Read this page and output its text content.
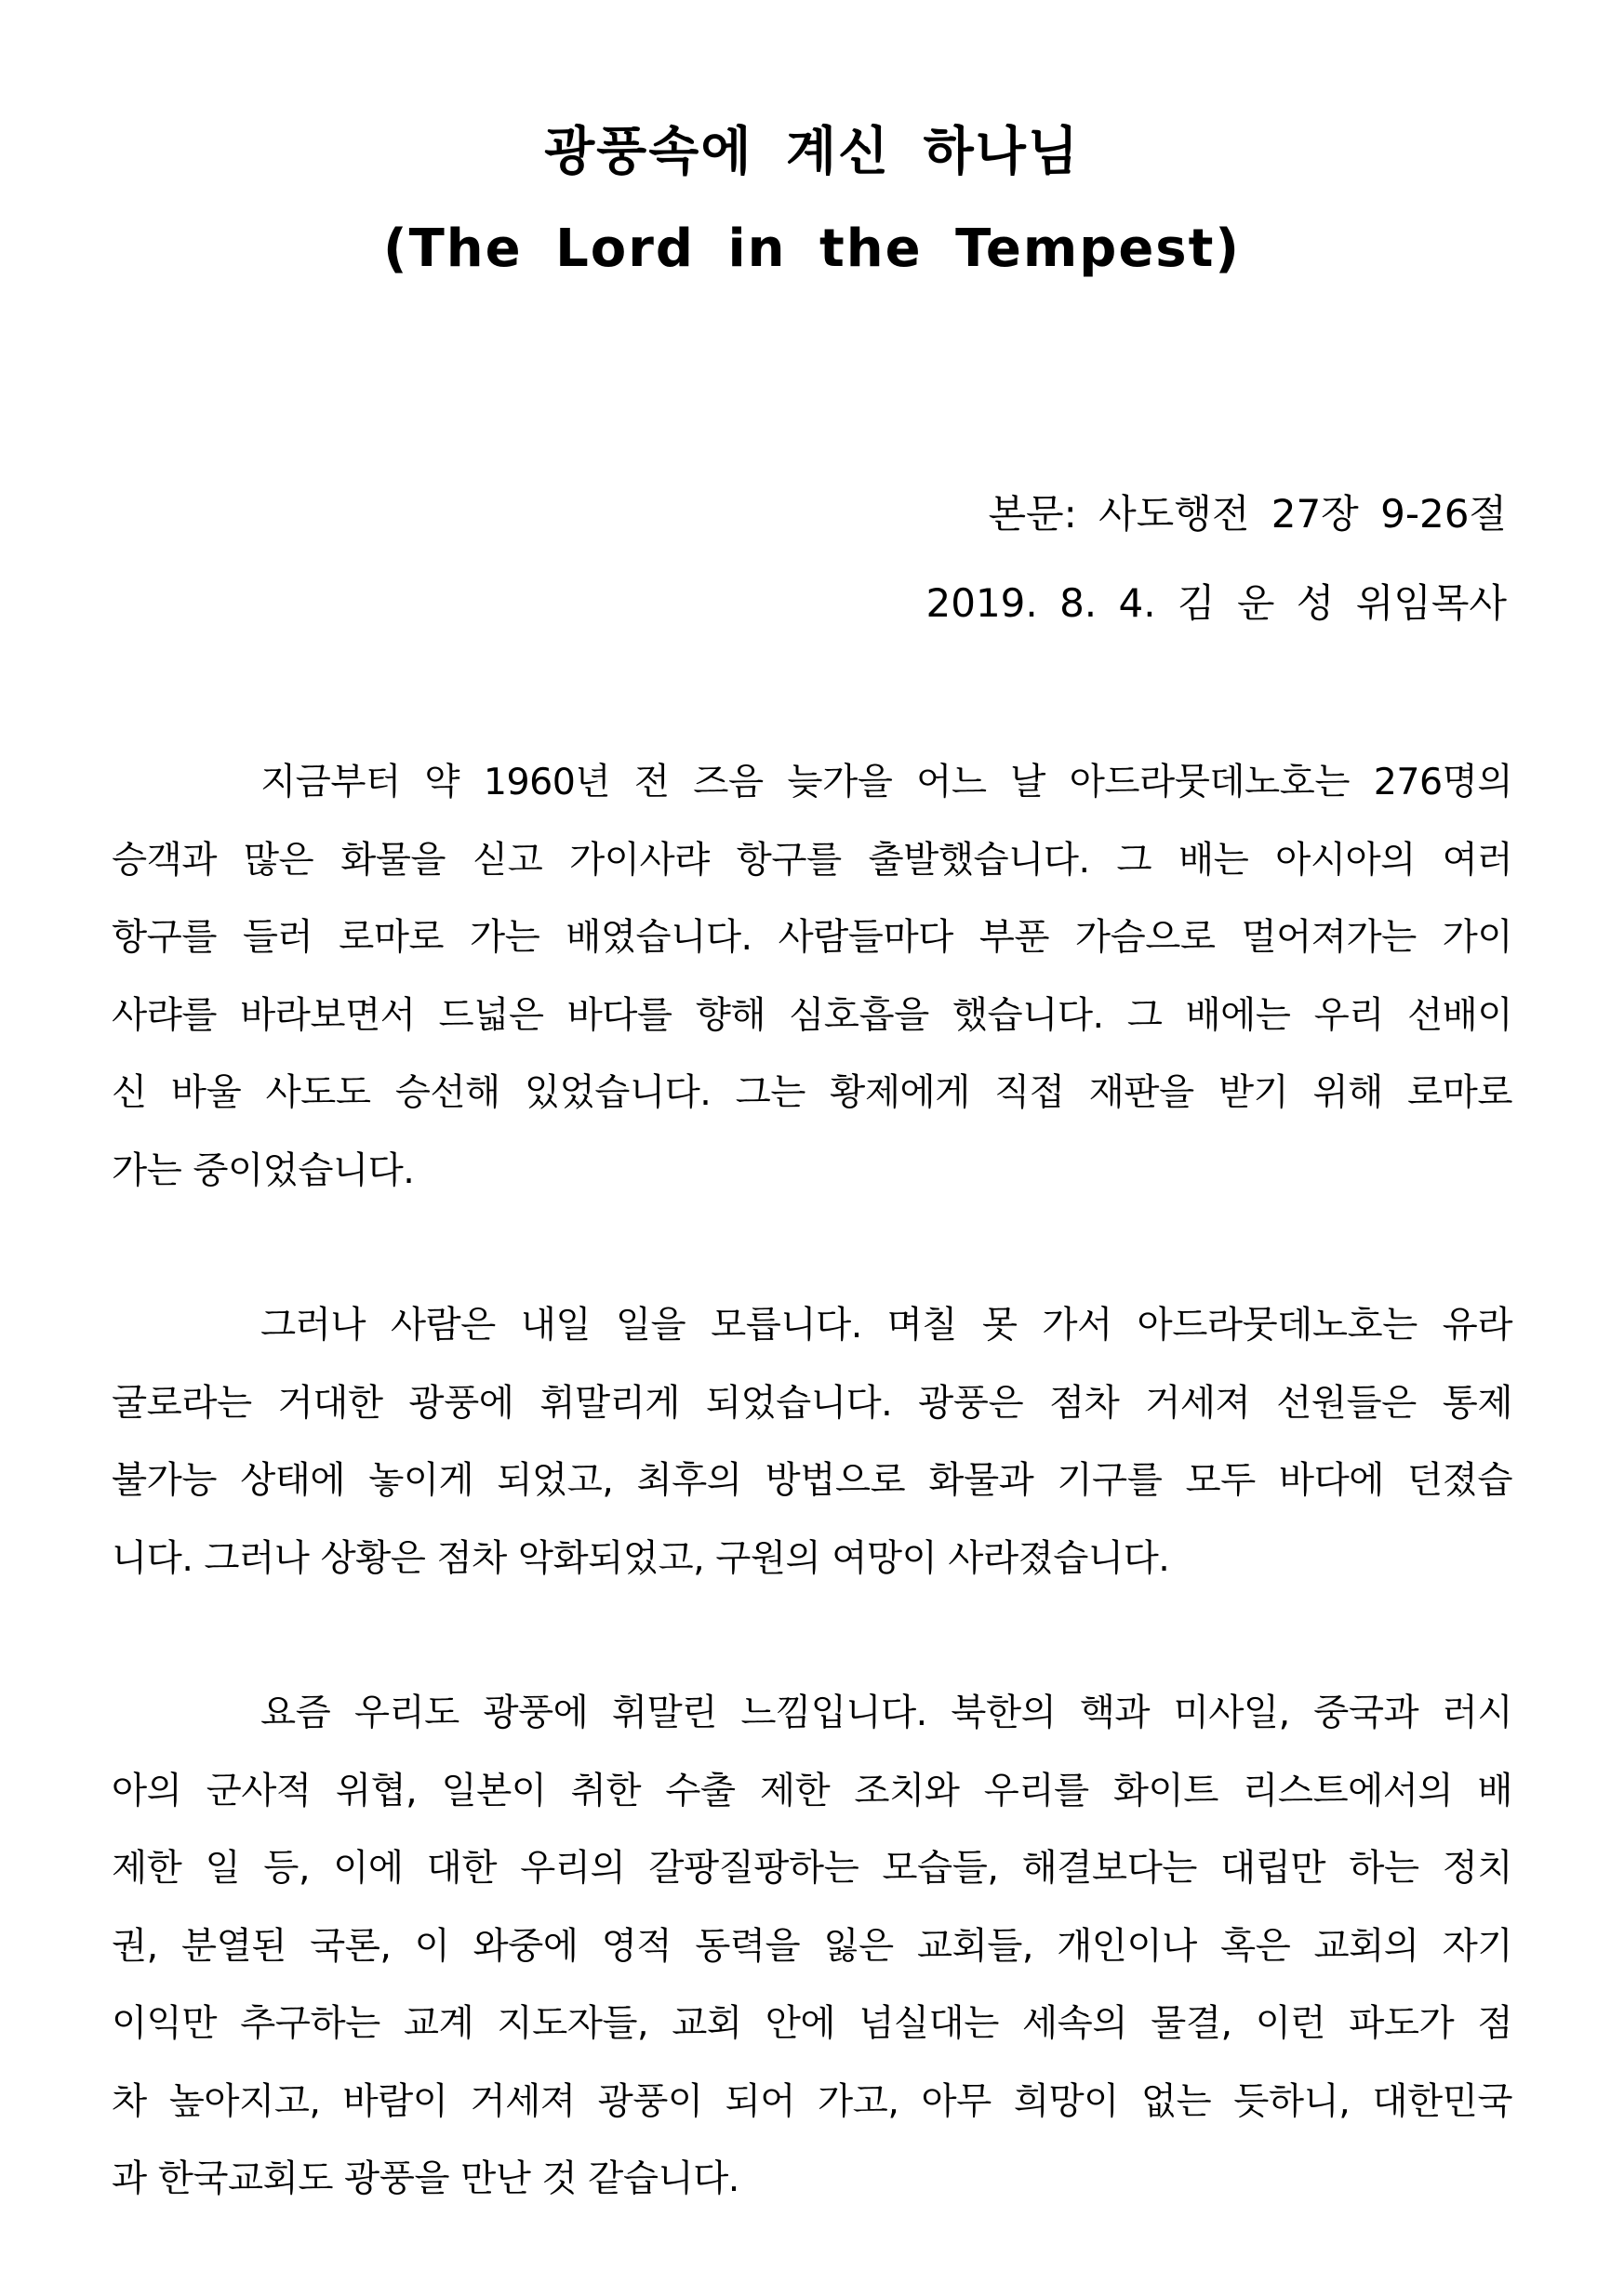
광풍속에 계신 하나님
(The Lord in the Tempest)
본문: 사도행전 27장 9-26절
2019. 8. 4. 김 운 성 위임목사
지금부터 약 1960년 전 즈음 늦가을 어느 날 아드라뭇데노호는 276명의
승객과 많은 화물을 싣고 가이사랴 항구를 출발했습니다. 그 배는 아시아의 여러
항구를 들러 로마로 가는 배였습니다. 사람들마다 부푼 가슴으로 멀어져가는 가이
사랴를 바라보면서 드넓은 바다를 향해 심호흡을 했습니다. 그 배에는 우리 선배이
신 바울 사도도 승선해 있었습니다. 그는 황제에게 직접 재판을 받기 위해 로마로
가는 중이었습니다.
그러나 사람은 내일 일을 모릅니다. 며칠 못 가서 아드라뭇데노호는 유라
굴로라는 거대한 광풍에 휘말리게 되었습니다. 광풍은 점차 거세져 선원들은 통제
불가능 상태에 놓이게 되었고, 최후의 방법으로 화물과 기구를 모두 바다에 던졌습
니다. 그러나 상황은 점차 악화되었고, 구원의 여망이 사라졌습니다.
요즘 우리도 광풍에 휘말린 느낌입니다. 북한의 핵과 미사일, 중국과 러시
아의 군사적 위협, 일본이 취한 수출 제한 조치와 우리를 화이트 리스트에서의 배
제한 일 등, 이에 대한 우리의 갈팡질팡하는 모습들, 해결보다는 대립만 하는 정치
권, 분열된 국론, 이 와중에 영적 동력을 잃은 교회들, 개인이나 혹은 교회의 자기
이익만 추구하는 교계 지도자들, 교회 안에 넘실대는 세속의 물결, 이런 파도가 점
차 높아지고, 바람이 거세져 광풍이 되어 가고, 아무 희망이 없는 듯하니, 대한민국
과 한국교회도 광풍을 만난 것 같습니다.
